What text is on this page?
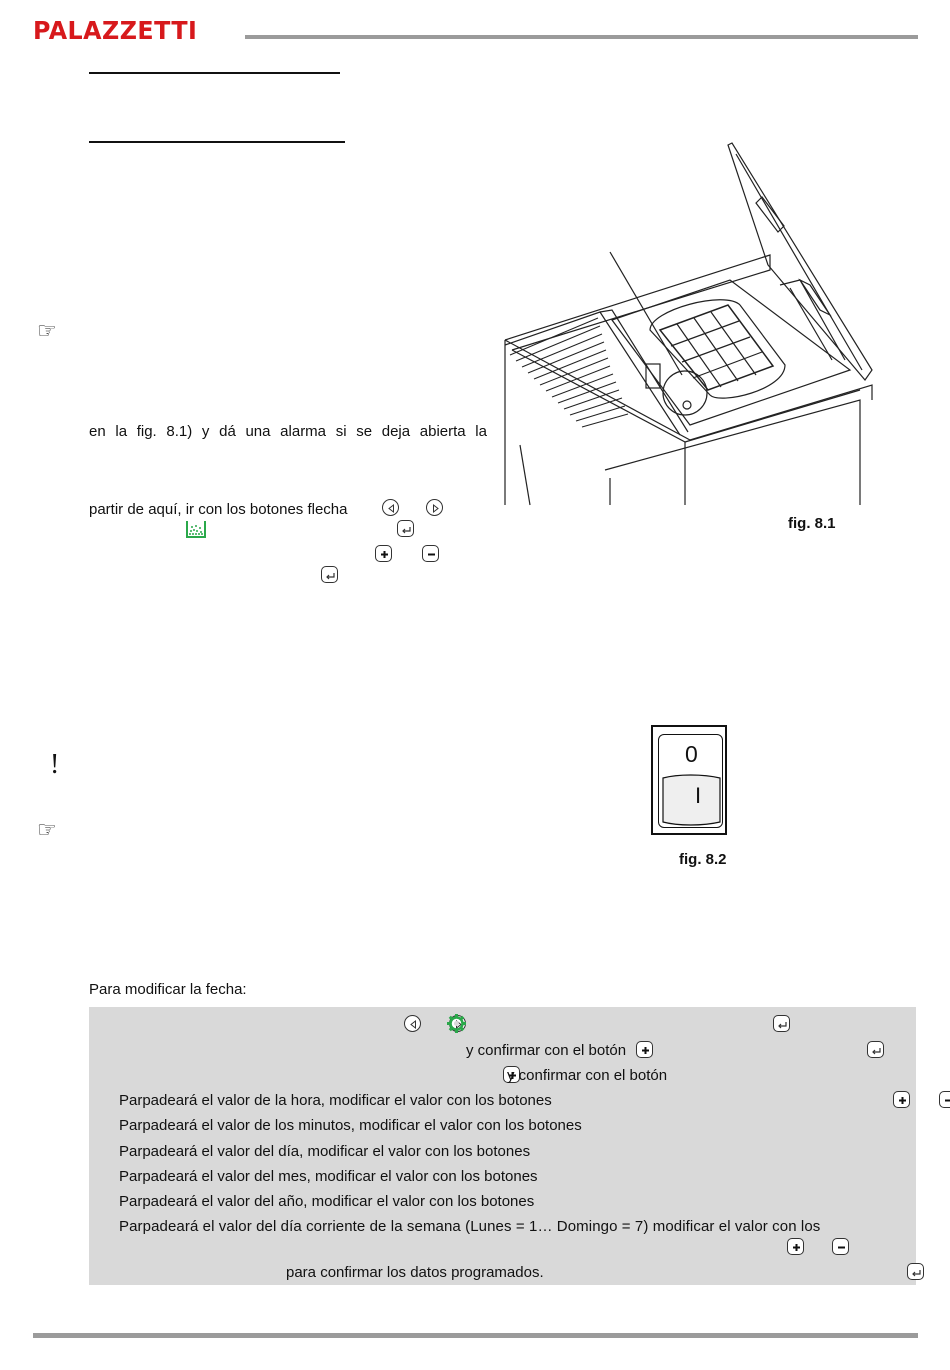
PALAZZETTI
☞
☞
!
en la fig. 8.1) y dá una alarma si se deja abierta la
partir de aquí, ir con los botones flecha

fig. 8.1
0
I
fig. 8.2
Para modificar la fecha:

y confirmar con el botón

y confirmar con el botón

Parpadeará el valor de la hora, modificar el valor con los botones

Parpadeará el valor de los minutos, modificar el valor con los botones

Parpadeará el valor del día, modificar el valor con los botones

Parpadeará el valor del mes, modificar el valor con los botones

Parpadeará el valor del año, modificar el valor con los botones

Parpadeará el valor del día corriente de la semana (Lunes = 1… Domingo = 7) modificar el valor con los

para confirmar los datos programados.
